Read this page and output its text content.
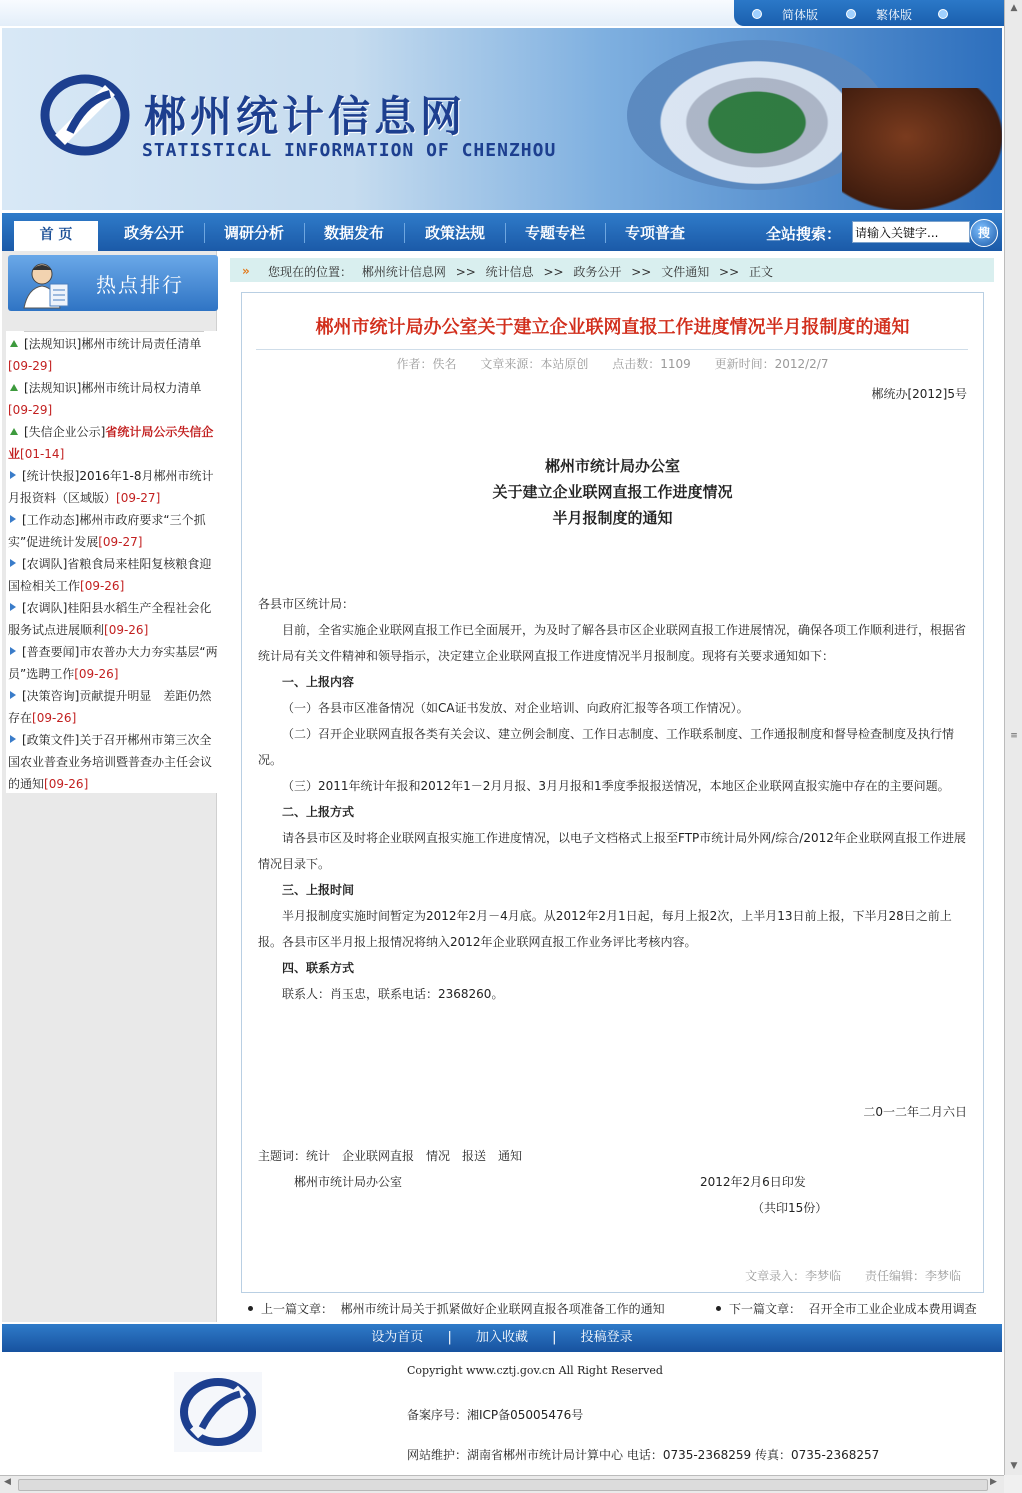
简体版	繁体版
郴州统计信息网
STATISTICAL INFORMATION OF CHENZHOU
首 页	政务公开	调研分析	数据发布	政策法规	专题专栏	专项普查	全站搜索：
请输入关键字...	搜
热点排行
[法规知识]郴州市统计局责任清单[09-29]
[法规知识]郴州市统计局权力清单[09-29]
[失信企业公示]省统计局公示失信企业[01-14]
[统计快报]2016年1-8月郴州市统计月报资料（区域版）[09-27]
[工作动态]郴州市政府要求“三个抓实”促进统计发展[09-27]
[农调队]省粮食局来桂阳复核粮食迎国检相关工作[09-26]
[农调队]桂阳县水稻生产全程社会化服务试点进展顺利[09-26]
[普查要闻]市农普办大力夯实基层“两员”选聘工作[09-26]
[决策咨询]贡献提升明显　差距仍然存在[09-26]
[政策文件]关于召开郴州市第三次全国农业普查业务培训暨普查办主任会议的通知[09-26]
» 您现在的位置： 郴州统计信息网 >> 统计信息 >> 政务公开 >> 文件通知 >> 正文
郴州市统计局办公室关于建立企业联网直报工作进度情况半月报制度的通知
作者：佚名 文章来源：本站原创 点击数：1109 更新时间：2012/2/7
郴统办[2012]5号
郴州市统计局办公室
关于建立企业联网直报工作进度情况
半月报制度的通知
各县市区统计局：
目前，全省实施企业联网直报工作已全面展开，为及时了解各县市区企业联网直报工作进展情况，确保各项工作顺利进行，根据省统计局有关文件精神和领导指示，决定建立企业联网直报工作进度情况半月报制度。现将有关要求通知如下：
一、上报内容
（一）各县市区准备情况（如CA证书发放、对企业培训、向政府汇报等各项工作情况）。
（二）召开企业联网直报各类有关会议、建立例会制度、工作日志制度、工作联系制度、工作通报制度和督导检查制度及执行情况。
（三）2011年统计年报和2012年1－2月月报、3月月报和1季度季报报送情况，本地区企业联网直报实施中存在的主要问题。
二、上报方式
请各县市区及时将企业联网直报实施工作进度情况，以电子文档格式上报至FTP市统计局外网/综合/2012年企业联网直报工作进展情况目录下。
三、上报时间
半月报制度实施时间暂定为2012年2月－4月底。从2012年2月1日起，每月上报2次，上半月13日前上报，下半月28日之前上报。各县市区半月报上报情况将纳入2012年企业联网直报工作业务评比考核内容。
四、联系方式
联系人：肖玉忠，联系电话：2368260。
二0一二年二月六日
主题词：统计　企业联网直报　情况　报送　通知
郴州市统计局办公室	2012年2月6日印发
（共印15份）
文章录入：李梦临 责任编辑：李梦临
上一篇文章： 郴州市统计局关于抓紧做好企业联网直报各项准备工作的通知	下一篇文章： 召开全市工业企业成本费用调查
设为首页 | 加入收藏 | 投稿登录
Copyright www.cztj.gov.cn All Right Reserved
备案序号：湘ICP备05005476号
网站维护：湖南省郴州市统计局计算中心 电话：0735-2368259 传真：0735-2368257
▲
≡
▼
◀	▶
